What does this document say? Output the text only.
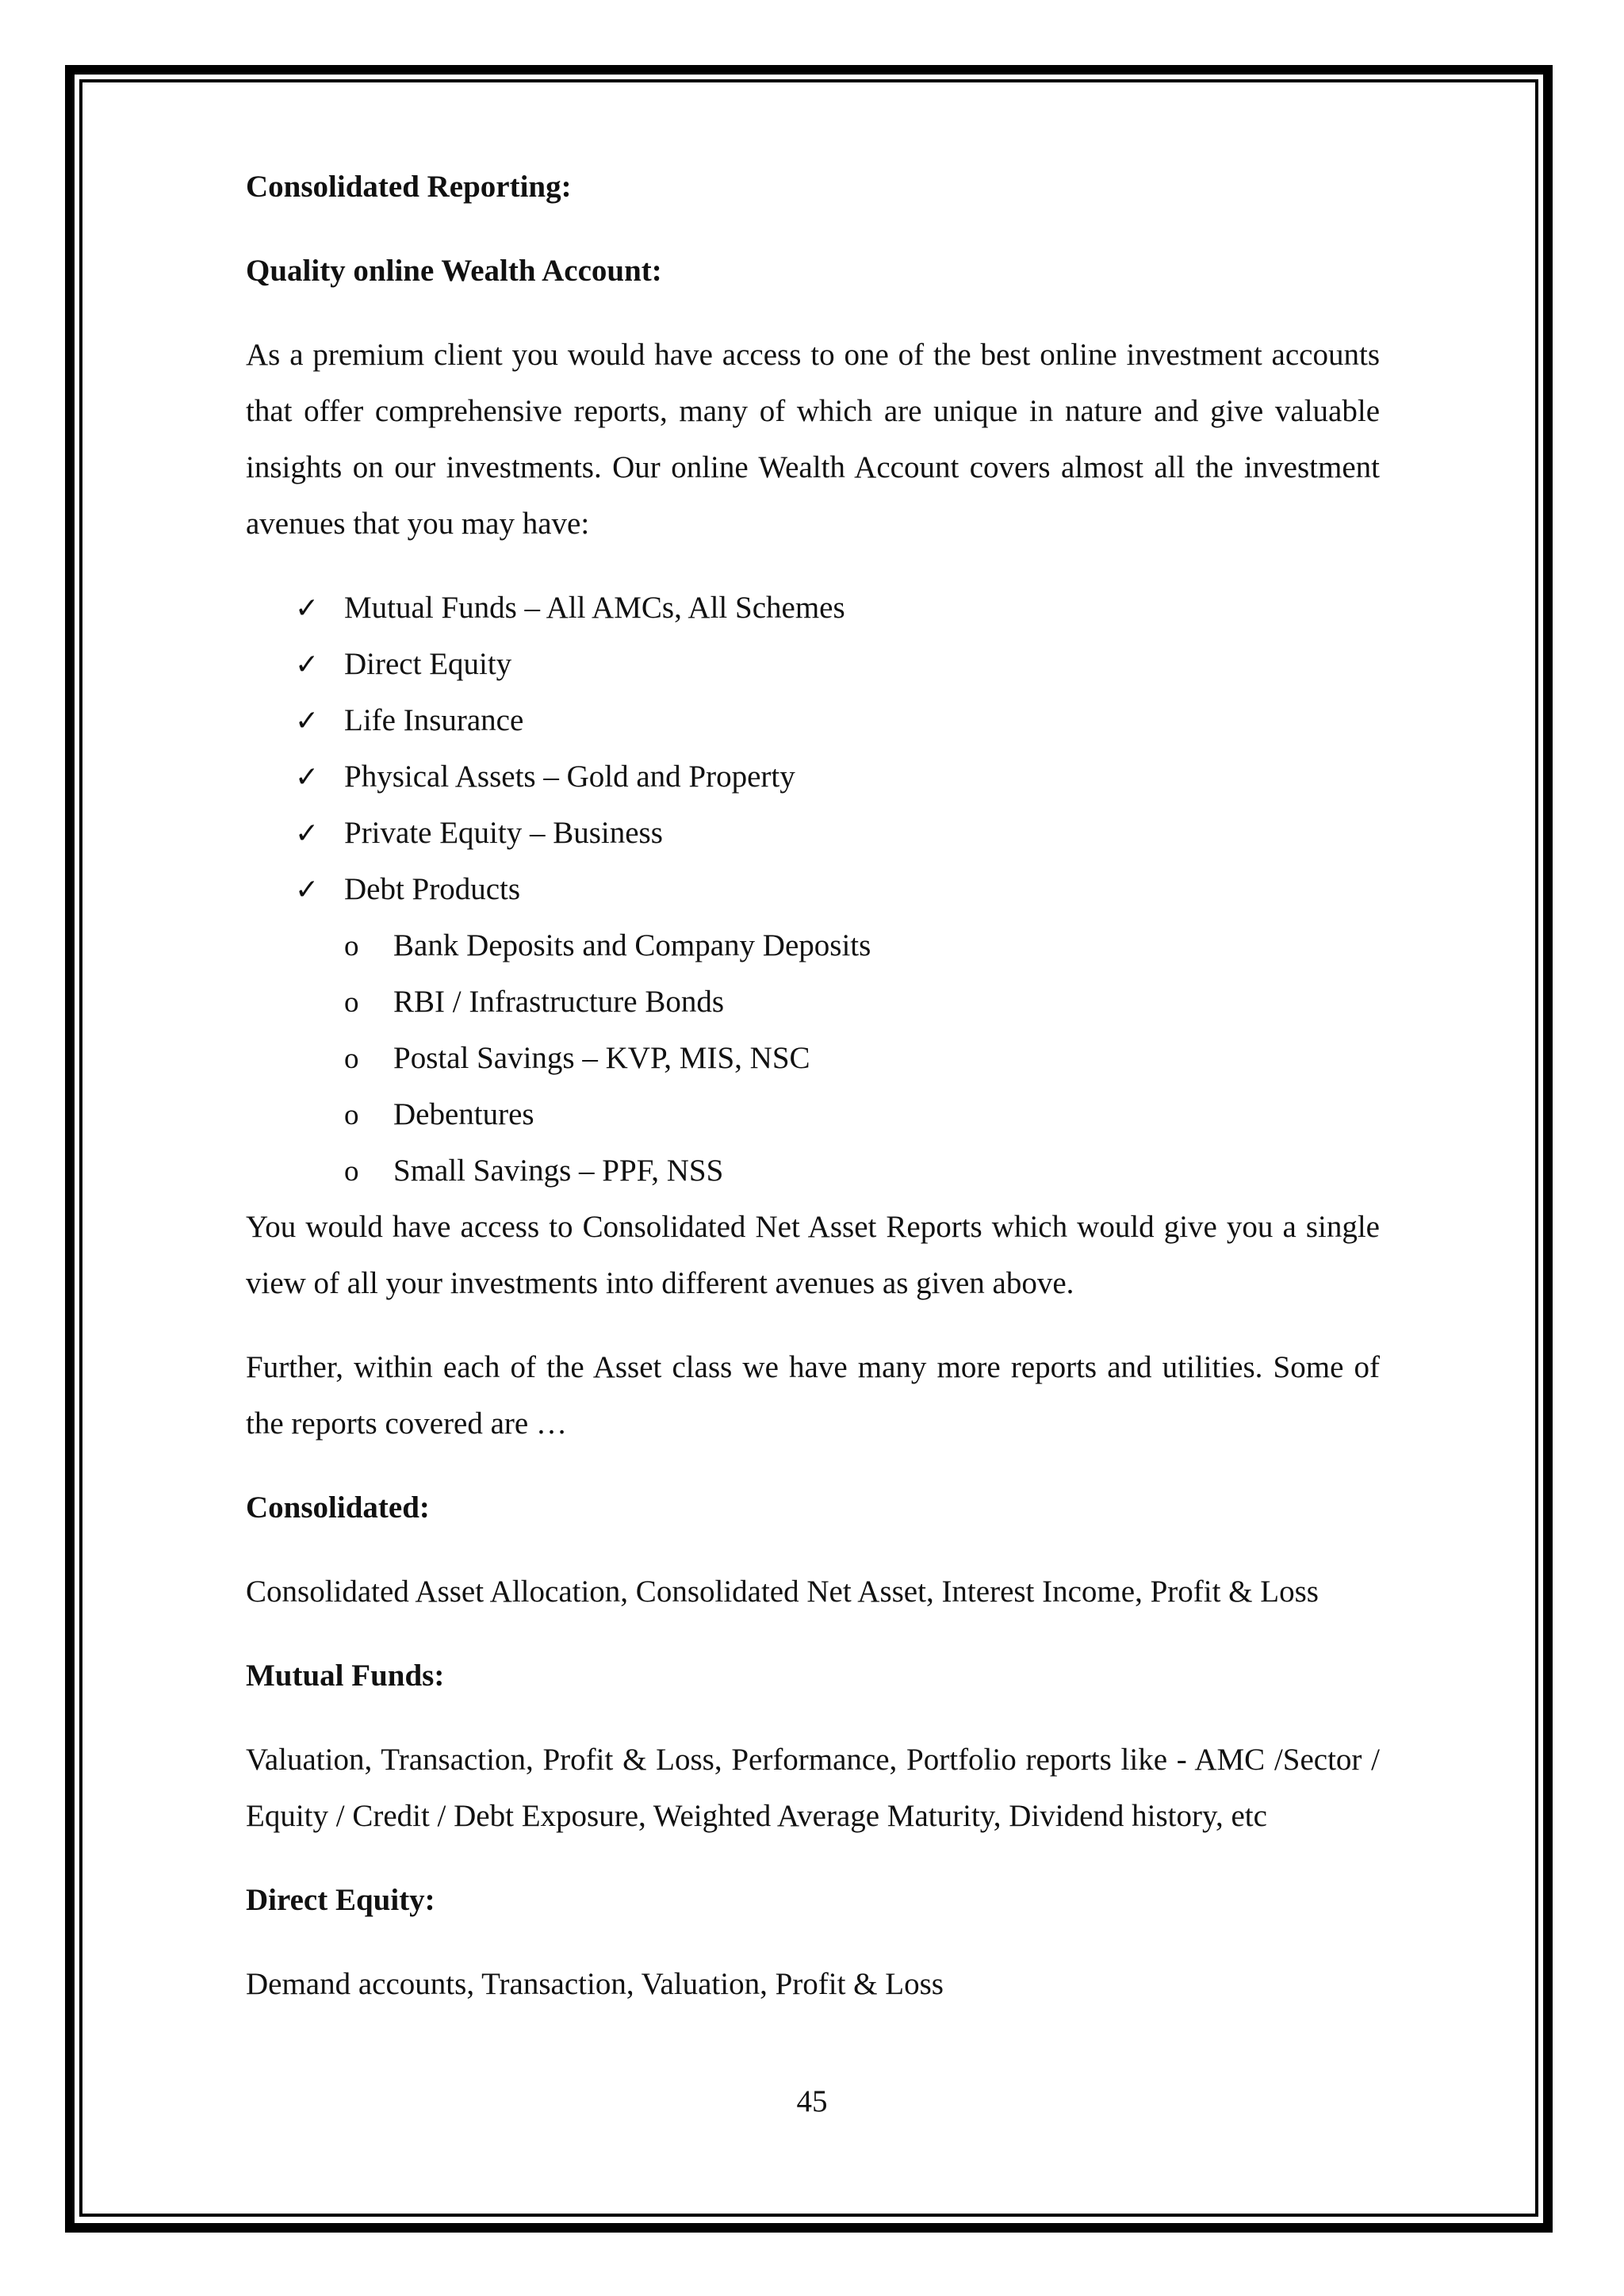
Consolidated Reporting:

Quality online Wealth Account:

As a premium client you would have access to one of the best online investment accounts that offer comprehensive reports, many of which are unique in nature and give valuable insights on our investments. Our online Wealth Account covers almost all the investment avenues that you may have:

✓ Mutual Funds – All AMCs, All Schemes
✓ Direct Equity
✓ Life Insurance
✓ Physical Assets – Gold and Property
✓ Private Equity – Business
✓ Debt Products
o	Bank Deposits and Company Deposits
o	RBI / Infrastructure Bonds
o	Postal Savings – KVP, MIS, NSC
o	Debentures
o	Small Savings – PPF, NSS

You would have access to Consolidated Net Asset Reports which would give you a single view of all your investments into different avenues as given above.

Further, within each of the Asset class we have many more reports and utilities. Some of the reports covered are …

Consolidated:

Consolidated Asset Allocation, Consolidated Net Asset, Interest Income, Profit & Loss

Mutual Funds:

Valuation, Transaction, Profit & Loss, Performance, Portfolio reports like - AMC /Sector / Equity / Credit / Debt Exposure, Weighted Average Maturity, Dividend history, etc

Direct Equity:

Demand accounts, Transaction, Valuation, Profit & Loss

45
